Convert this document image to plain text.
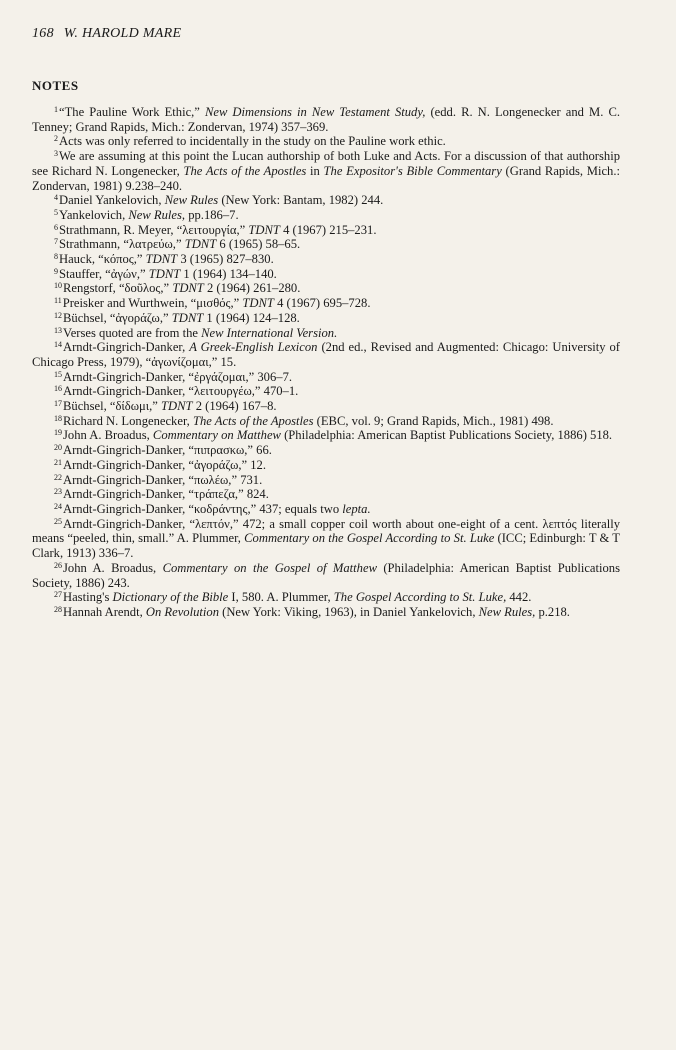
168 W. HAROLD MARE
NOTES
$^1$“The Pauline Work Ethic,” New Dimensions in New Testament Study, (edd. R. N. Longenecker and M. C. Tenney; Grand Rapids, Mich.: Zondervan, 1974) 357–369.
$^2$Acts was only referred to incidentally in the study on the Pauline work ethic.
$^3$We are assuming at this point the Lucan authorship of both Luke and Acts. For a discussion of that authorship see Richard N. Longenecker, The Acts of the Apostles in The Expositor's Bible Commentary (Grand Rapids, Mich.: Zondervan, 1981) 9.238–240.
$^4$Daniel Yankelovich, New Rules (New York: Bantam, 1982) 244.
$^5$Yankelovich, New Rules, pp.186–7.
$^6$Strathmann, R. Meyer, “λειτουργία,” TDNT 4 (1967) 215–231.
$^7$Strathmann, “λατρεύω,” TDNT 6 (1965) 58–65.
$^8$Hauck, “κόπος,” TDNT 3 (1965) 827–830.
$^9$Stauffer, “ἀγών,” TDNT 1 (1964) 134–140.
$^{10}$Rengstorf, “δοῦλος,” TDNT 2 (1964) 261–280.
$^{11}$Preisker and Wurthwein, “μισθός,” TDNT 4 (1967) 695–728.
$^{12}$Büchsel, “ἀγοράζω,” TDNT 1 (1964) 124–128.
$^{13}$Verses quoted are from the New International Version.
$^{14}$Arndt-Gingrich-Danker, A Greek-English Lexicon (2nd ed., Revised and Augmented: Chicago: University of Chicago Press, 1979), “ἀγωνίζομαι,” 15.
$^{15}$Arndt-Gingrich-Danker, “ἐργάζομαι,” 306–7.
$^{16}$Arndt-Gingrich-Danker, “λειτουργέω,” 470–1.
$^{17}$Büchsel, “δίδωμι,” TDNT 2 (1964) 167–8.
$^{18}$Richard N. Longenecker, The Acts of the Apostles (EBC, vol. 9; Grand Rapids, Mich., 1981) 498.
$^{19}$John A. Broadus, Commentary on Matthew (Philadelphia: American Baptist Publications Society, 1886) 518.
$^{20}$Arndt-Gingrich-Danker, “πιπρασκω,” 66.
$^{21}$Arndt-Gingrich-Danker, “ἀγοράζω,” 12.
$^{22}$Arndt-Gingrich-Danker, “πωλέω,” 731.
$^{23}$Arndt-Gingrich-Danker, “τράπεζα,” 824.
$^{24}$Arndt-Gingrich-Danker, “κοδράντης,” 437; equals two lepta.
$^{25}$Arndt-Gingrich-Danker, “λεπτόν,” 472; a small copper coil worth about one-eight of a cent. λεπτός literally means “peeled, thin, small.” A. Plummer, Commentary on the Gospel According to St. Luke (ICC; Edinburgh: T & T Clark, 1913) 336–7.
$^{26}$John A. Broadus, Commentary on the Gospel of Matthew (Philadelphia: American Baptist Publications Society, 1886) 243.
$^{27}$Hasting's Dictionary of the Bible I, 580. A. Plummer, The Gospel According to St. Luke, 442.
$^{28}$Hannah Arendt, On Revolution (New York: Viking, 1963), in Daniel Yankelovich, New Rules, p.218.
